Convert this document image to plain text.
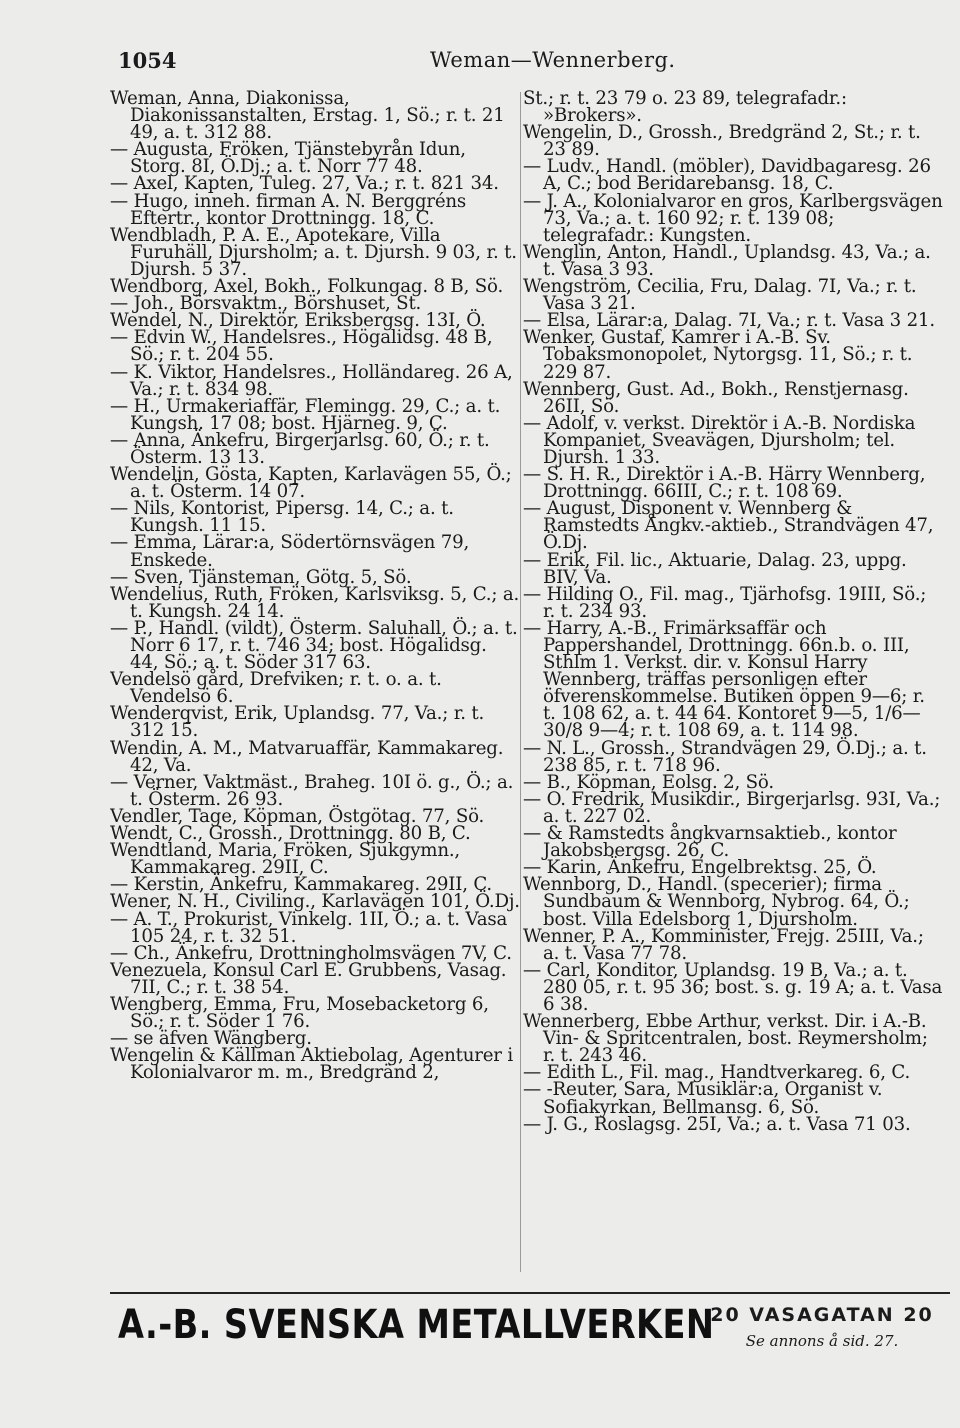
1054	Weman—Wennerberg.

Weman, Anna, Diakonissa, Diakonissanstalten, Erstag. 1, Sö.; r. t. 21 49, a. t. 312 88.

— Augusta, Fröken, Tjänstebyrån Idun, Storg. 8I, Ö.Dj.; a. t. Norr 77 48.

— Axel, Kapten, Tuleg. 27, Va.; r. t. 821 34.

— Hugo, inneh. firman A. N. Berggréns Eftertr., kontor Drottningg. 18, C.

Wendbladh, P. A. E., Apotekare, Villa Furuhäll, Djursholm; a. t. Djursh. 9 03, r. t. Djursh. 5 37.

Wendborg, Axel, Bokh., Folkungag. 8 B, Sö.

— Joh., Börsvaktm., Börshuset, St.

Wendel, N., Direktör, Eriksbergsg. 13I, Ö.

— Edvin W., Handelsres., Högalidsg. 48 B, Sö.; r. t. 204 55.

— K. Viktor, Handelsres., Holländareg. 26 A, Va.; r. t. 834 98.

— H., Urmakeriaffär, Flemingg. 29, C.; a. t. Kungsh. 17 08; bost. Hjärneg. 9, C.

— Anna, Änkefru, Birgerjarlsg. 60, Ö.; r. t. Österm. 13 13.

Wendelin, Gösta, Kapten, Karlavägen 55, Ö.; a. t. Österm. 14 07.

— Nils, Kontorist, Pipersg. 14, C.; a. t. Kungsh. 11 15.

— Emma, Lärar:a, Södertörnsvägen 79, Enskede.

— Sven, Tjänsteman, Götg. 5, Sö.

Wendelius, Ruth, Fröken, Karlsviksg. 5, C.; a. t. Kungsh. 24 14.

— P., Handl. (vildt), Österm. Saluhall, Ö.; a. t. Norr 6 17, r. t. 746 34; bost. Högalidsg. 44, Sö.; a. t. Söder 317 63.

Vendelsö gård, Drefviken; r. t. o. a. t. Vendelsö 6.

Wenderqvist, Erik, Uplandsg. 77, Va.; r. t. 312 15.

Wendin, A. M., Matvaruaffär, Kammakareg. 42, Va.

— Verner, Vaktmäst., Braheg. 10I ö. g., Ö.; a. t. Österm. 26 93.

Vendler, Tage, Köpman, Östgötag. 77, Sö.

Wendt, C., Grossh., Drottningg. 80 B, C.

Wendtland, Maria, Fröken, Sjukgymn., Kammakareg. 29II, C.

— Kerstin, Änkefru, Kammakareg. 29II, C.

Wener, N. H., Civiling., Karlavägen 101, Ö.Dj.

— A. T., Prokurist, Vinkelg. 1II, Ö.; a. t. Vasa 105 24, r. t. 32 51.

— Ch., Änkefru, Drottningholmsvägen 7V, C.

Venezuela, Konsul Carl E. Grubbens, Vasag. 7II, C.; r. t. 38 54.

Wengberg, Emma, Fru, Mosebacketorg 6, Sö.; r. t. Söder 1 76.

— se äfven Wängberg.

Wengelin & Källman Aktiebolag, Agenturer i Kolonialvaror m. m., Bredgränd 2,

St.; r. t. 23 79 o. 23 89, telegrafadr.: »Brokers».

Wengelin, D., Grossh., Bredgränd 2, St.; r. t. 23 89.

— Ludv., Handl. (möbler), Davidbagaresg. 26 A, C.; bod Beridarebansg. 18, C.

— J. A., Kolonialvaror en gros, Karlbergsvägen 73, Va.; a. t. 160 92; r. t. 139 08; telegrafadr.: Kungsten.

Wenglin, Anton, Handl., Uplandsg. 43, Va.; a. t. Vasa 3 93.

Wengström, Cecilia, Fru, Dalag. 7I, Va.; r. t. Vasa 3 21.

— Elsa, Lärar:a, Dalag. 7I, Va.; r. t. Vasa 3 21.

Wenker, Gustaf, Kamrer i A.-B. Sv. Tobaksmonopolet, Nytorgsg. 11, Sö.; r. t. 229 87.

Wennberg, Gust. Ad., Bokh., Renstjernasg. 26II, Sö.

— Adolf, v. verkst. Direktör i A.-B. Nordiska Kompaniet, Sveavägen, Djursholm; tel. Djursh. 1 33.

— S. H. R., Direktör i A.-B. Härry Wennberg, Drottningg. 66III, C.; r. t. 108 69.

— August, Disponent v. Wennberg & Ramstedts Ångkv.-aktieb., Strandvägen 47, Ö.Dj.

— Erik, Fil. lic., Aktuarie, Dalag. 23, uppg. BIV, Va.

— Hilding O., Fil. mag., Tjärhofsg. 19III, Sö.; r. t. 234 93.

— Harry, A.-B., Frimärksaffär och Pappershandel, Drottningg. 66n.b. o. III, Sthlm 1. Verkst. dir. v. Konsul Harry Wennberg, träffas personligen efter öfverenskommelse. Butiken öppen 9—6; r. t. 108 62, a. t. 44 64. Kontoret 9—5, 1/6—30/8 9—4; r. t. 108 69, a. t. 114 98.

— N. L., Grossh., Strandvägen 29, Ö.Dj.; a. t. 238 85, r. t. 718 96.

— B., Köpman, Eolsg. 2, Sö.

— O. Fredrik, Musikdir., Birgerjarlsg. 93I, Va.; a. t. 227 02.

— & Ramstedts ångkvarnsaktieb., kontor Jakobsbergsg. 26, C.

— Karin, Änkefru, Engelbrektsg. 25, Ö.

Wennborg, D., Handl. (specerier); firma Sundbaum & Wennborg, Nybrog. 64, Ö.; bost. Villa Edelsborg 1, Djursholm.

Wenner, P. A., Komminister, Frejg. 25III, Va.; a. t. Vasa 77 78.

— Carl, Konditor, Uplandsg. 19 B, Va.; a. t. 280 05, r. t. 95 36; bost. s. g. 19 A; a. t. Vasa 6 38.

Wennerberg, Ebbe Arthur, verkst. Dir. i A.-B. Vin- & Spritcentralen, bost. Reymersholm; r. t. 243 46.

— Edith L., Fil. mag., Handtverkareg. 6, C.

— -Reuter, Sara, Musiklär:a, Organist v. Sofiakyrkan, Bellmansg. 6, Sö.

— J. G., Roslagsg. 25I, Va.; a. t. Vasa 71 03.

A.-B. SVENSKA METALLVERKEN
20 VASAGATAN 20
Se annons å sid. 27.
